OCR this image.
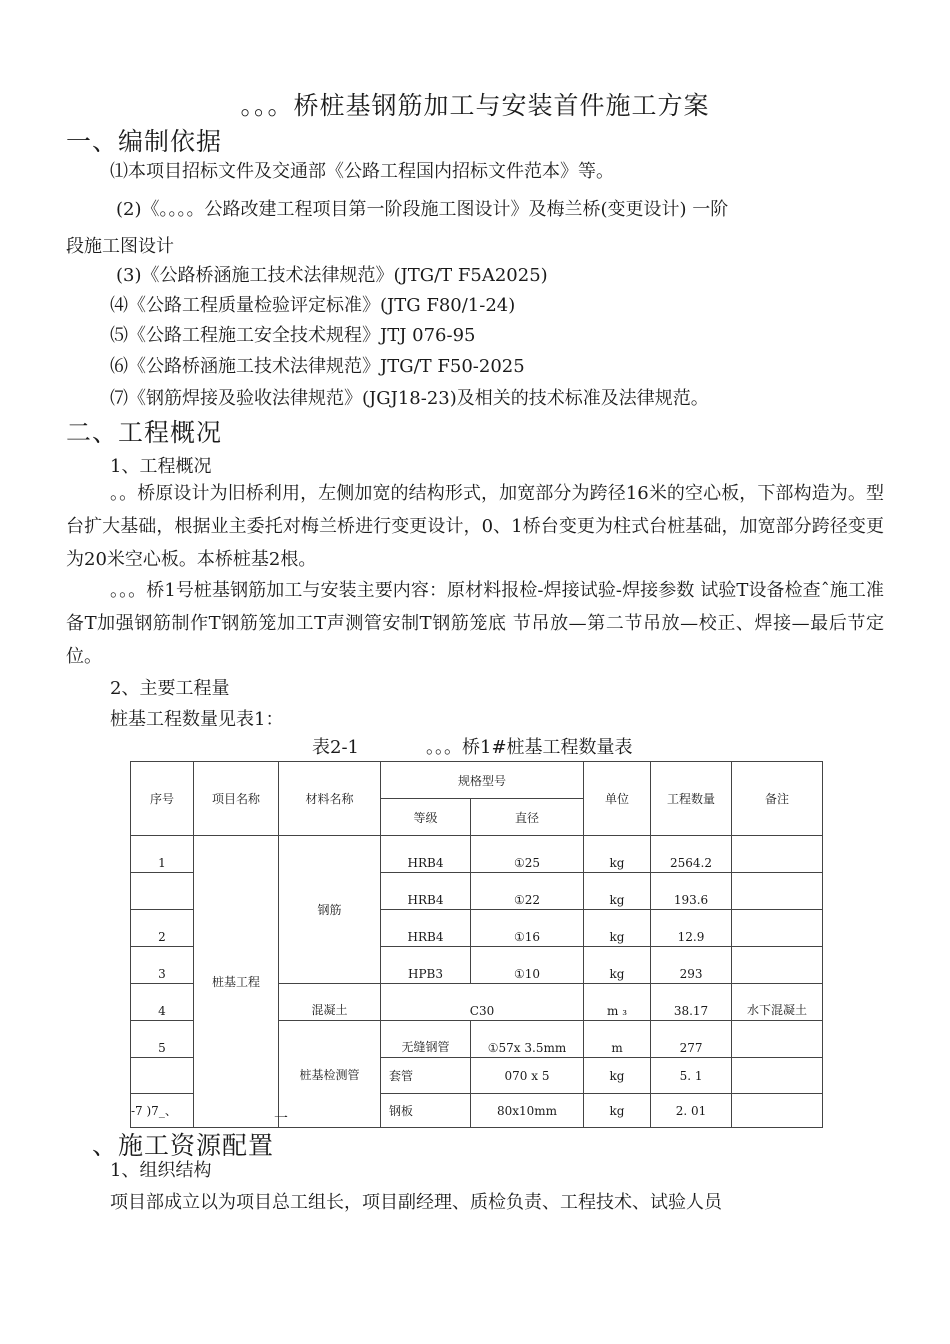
。。。桥桩基钢筋加工与安装首件施工方案
一、编制依据
⑴本项目招标文件及交通部《公路工程国内招标文件范本》等。
(2)《。。。。公路改建工程项目第一阶段施工图设计》及梅兰桥(变更设计) 一阶
段施工图设计
(3)《公路桥涵施工技术法律规范》(JTG/T F5A2025)
⑷《公路工程质量检验评定标准》(JTG F80/1-24)
⑸《公路工程施工安全技术规程》JTJ 076-95
⑹《公路桥涵施工技术法律规范》JTG/T F50-2025
⑺《钢筋焊接及验收法律规范》(JGJ18-23)及相关的技术标准及法律规范。
二、工程概况
1、工程概况
。。桥原设计为旧桥利用，左侧加宽的结构形式，加宽部分为跨径16米的空心板，下部构造为。型台扩大基础，根据业主委托对梅兰桥进行变更设计，0、1桥台变更为柱式台桩基础，加宽部分跨径变更为20米空心板。本桥桩基2根。
。。。桥1号桩基钢筋加工与安装主要内容：原材料报检-焊接试验-焊接参数 试验T设备检查ˆ施工准备T加强钢筋制作T钢筋笼加工T声测管安制T钢筋笼底 节吊放—第二节吊放—校正、焊接—最后节定位。
2、主要工程量
桩基工程数量见表1：
表2-1	。。。桥1#桩基工程数量表
序号	项目名称	材料名称	规格型号		单位	工程数量	备注
			等级	直径			
1	桩基工程	钢筋	HRB4	①25	kg	2564.2	
			HRB4	①22	kg	193.6	
2			HRB4	①16	kg	12.9	
3			HPB3	①10	kg	293	
4		混凝土	C30		m ₃	38.17	水下混凝土
5		桩基检测管	无缝钢管	①57x 3.5mm	m	277	
			套管	070 x 5	kg	5. 1	
-7 )7_、			钢板	80x10mm	kg	2. 01	
一
、施工资源配置
1、组织结构
项目部成立以为项目总工组长，项目副经理、质检负责、工程技术、试验人员
